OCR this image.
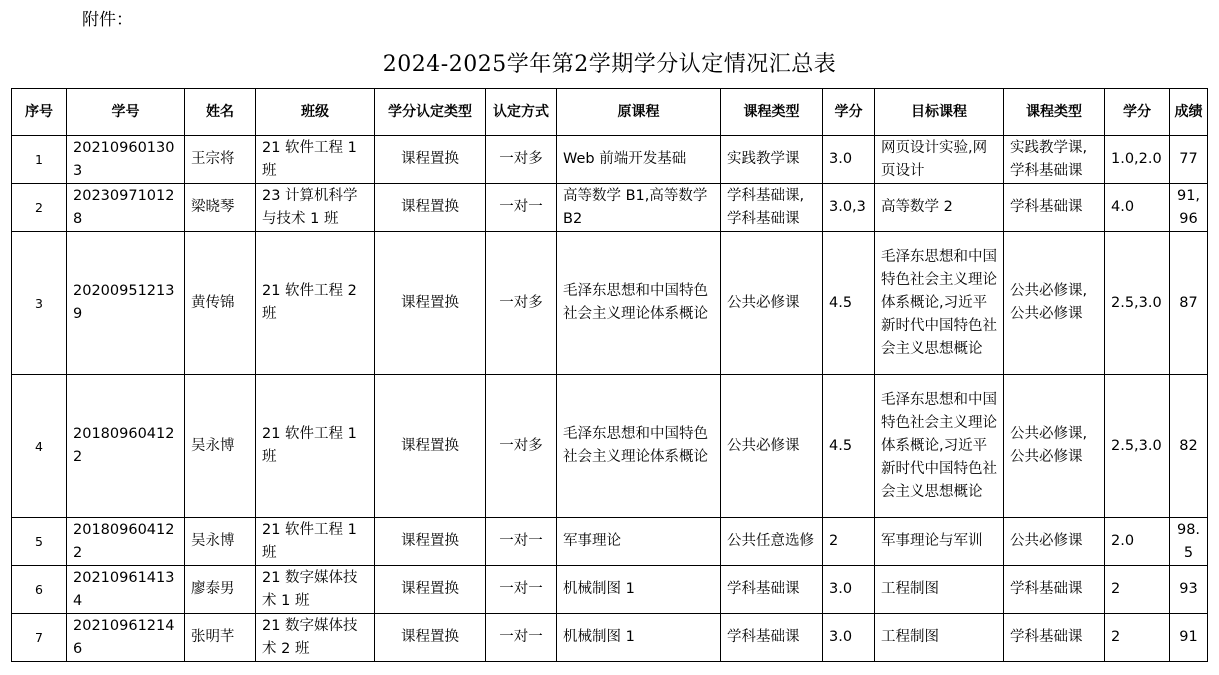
附件：
2024-2025学年第2学期学分认定情况汇总表
序号	学号	姓名	班级	学分认定类型	认定方式	原课程	课程类型	学分	目标课程	课程类型	学分	成绩
1	202109601303	王宗将	21 软件工程 1 班	课程置换	一对多	Web 前端开发基础	实践教学课	3.0	网页设计实验,网页设计	实践教学课,学科基础课	1.0,2.0	77
2	202309710128	梁晓琴	23 计算机科学与技术 1 班	课程置换	一对一	高等数学 B1,高等数学 B2	学科基础课,学科基础课	3.0,3	高等数学 2	学科基础课	4.0	91,96
3	202009512139	黄传锦	21 软件工程 2 班	课程置换	一对多	毛泽东思想和中国特色社会主义理论体系概论	公共必修课	4.5	毛泽东思想和中国特色社会主义理论体系概论,习近平新时代中国特色社会主义思想概论	公共必修课,公共必修课	2.5,3.0	87
4	201809604122	吴永博	21 软件工程 1 班	课程置换	一对多	毛泽东思想和中国特色社会主义理论体系概论	公共必修课	4.5	毛泽东思想和中国特色社会主义理论体系概论,习近平新时代中国特色社会主义思想概论	公共必修课,公共必修课	2.5,3.0	82
5	201809604122	吴永博	21 软件工程 1 班	课程置换	一对一	军事理论	公共任意选修	2	军事理论与军训	公共必修课	2.0	98.5
6	202109614134	廖泰男	21 数字媒体技术 1 班	课程置换	一对一	机械制图 1	学科基础课	3.0	工程制图	学科基础课	2	93
7	202109612146	张明芊	21 数字媒体技术 2 班	课程置换	一对一	机械制图 1	学科基础课	3.0	工程制图	学科基础课	2	91
